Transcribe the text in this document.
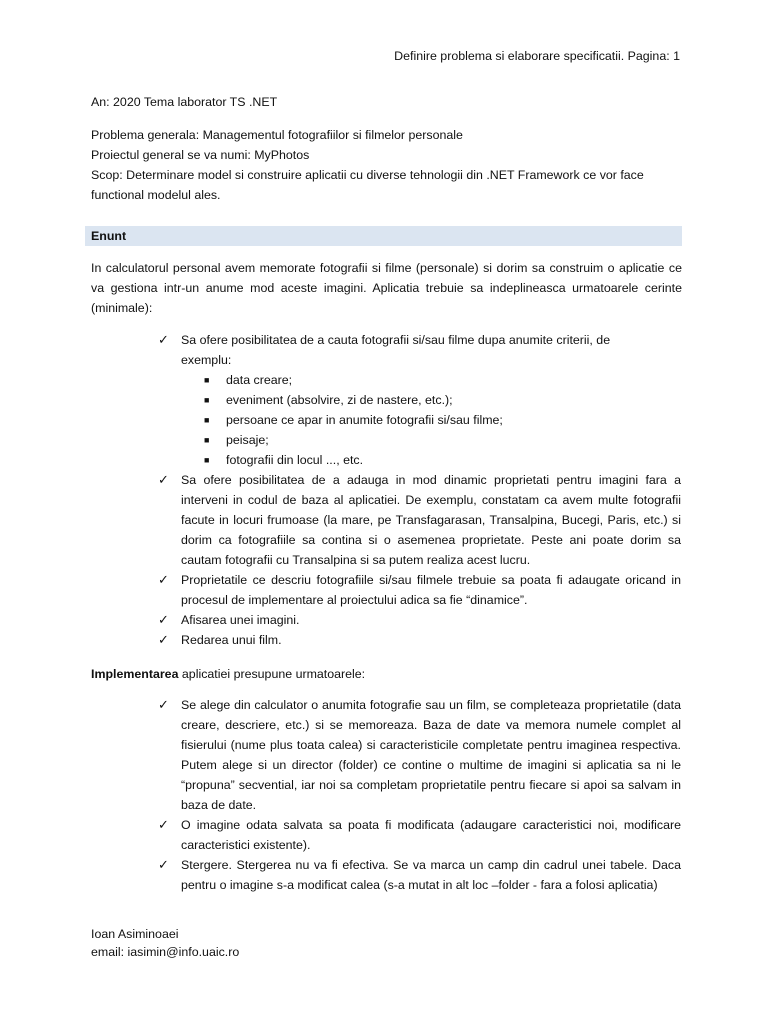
Definire problema si elaborare specificatii. Pagina: 1
An: 2020 Tema laborator TS .NET
Problema generala: Managementul fotografiilor si filmelor personale
Proiectul general se va numi: MyPhotos
Scop: Determinare model si construire aplicatii cu diverse tehnologii din .NET Framework ce vor face
functional modelul ales.
Enunt
In calculatorul personal avem memorate fotografii si filme (personale) si dorim sa construim o aplicatie ce va gestiona intr-un anume mod aceste imagini. Aplicatia trebuie sa indeplineasca urmatoarele cerinte (minimale):
✓ Sa ofere posibilitatea de a cauta fotografii si/sau filme dupa anumite criterii, de exemplu:
■ data creare;
■ eveniment (absolvire, zi de nastere, etc.);
■ persoane ce apar in anumite fotografii si/sau filme;
■ peisaje;
■ fotografii din locul ..., etc.
✓ Sa ofere posibilitatea de a adauga in mod dinamic proprietati pentru imagini fara a interveni in codul de baza al aplicatiei. De exemplu, constatam ca avem multe fotografii facute in locuri frumoase (la mare, pe Transfagarasan, Transalpina, Bucegi, Paris, etc.) si dorim ca fotografiile sa contina si o asemenea proprietate. Peste ani poate dorim sa cautam fotografii cu Transalpina si sa putem realiza acest lucru.
✓ Proprietatile ce descriu fotografiile si/sau filmele trebuie sa poata fi adaugate oricand in procesul de implementare al proiectului adica sa fie “dinamice”.
✓ Afisarea unei imagini.
✓ Redarea unui film.
Implementarea aplicatiei presupune urmatoarele:
✓ Se alege din calculator o anumita fotografie sau un film, se completeaza proprietatile (data creare, descriere, etc.) si se memoreaza. Baza de date va memora numele complet al fisierului (nume plus toata calea) si caracteristicile completate pentru imaginea respectiva. Putem alege si un director (folder) ce contine o multime de imagini si aplicatia sa ni le “propuna” secvential, iar noi sa completam proprietatile pentru fiecare si apoi sa salvam in baza de date.
✓ O imagine odata salvata sa poata fi modificata (adaugare caracteristici noi, modificare caracteristici existente).
✓ Stergere. Stergerea nu va fi efectiva. Se va marca un camp din cadrul unei tabele. Daca pentru o imagine s-a modificat calea (s-a mutat in alt loc –folder - fara a folosi aplicatia)
Ioan Asiminoaei
email: iasimin@info.uaic.ro
